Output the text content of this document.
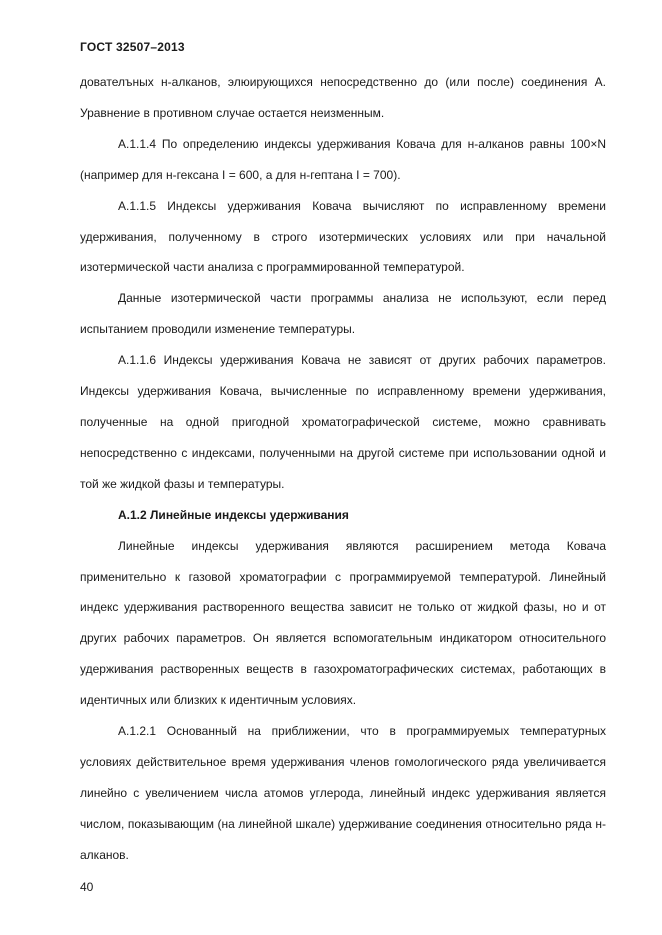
ГОСТ 32507–2013

дователъных н-алканов, элюирующихся непосредственно до (или после) соединения А. Уравнение в противном случае остается неизменным.

А.1.1.4 По определению индексы удерживания Ковача для н-алканов равны 100×N (например для н-гексана I = 600, а для н-гептана I = 700).

А.1.1.5 Индексы удерживания Ковача вычисляют по исправленному времени удерживания, полученному в строго изотермических условиях или при начальной изотермической части анализа с программированной температурой.

Данные изотермической части программы анализа не используют, если перед испытанием проводили изменение температуры.

А.1.1.6 Индексы удерживания Ковача не зависят от других рабочих параметров. Индексы удерживания Ковача, вычисленные по исправленному времени удерживания, полученные на одной пригодной хроматографической системе, можно сравнивать непосредственно с индексами, полученными на другой системе при использовании одной и той же жидкой фазы и температуры.

А.1.2 Линейные индексы удерживания

Линейные индексы удерживания являются расширением метода Ковача применительно к газовой хроматографии с программируемой температурой. Линейный индекс удерживания растворенного вещества зависит не только от жидкой фазы, но и от других рабочих параметров. Он является вспомогательным индикатором относительного удерживания растворенных веществ в газохроматографических системах, работающих в идентичных или близких к идентичным условиях.

А.1.2.1 Основанный на приближении, что в программируемых температурных условиях действительное время удерживания членов гомологического ряда увеличивается линейно с увеличением числа атомов углерода, линейный индекс удерживания является числом, показывающим (на линейной шкале) удерживание соединения относительно ряда н-алканов.

40
